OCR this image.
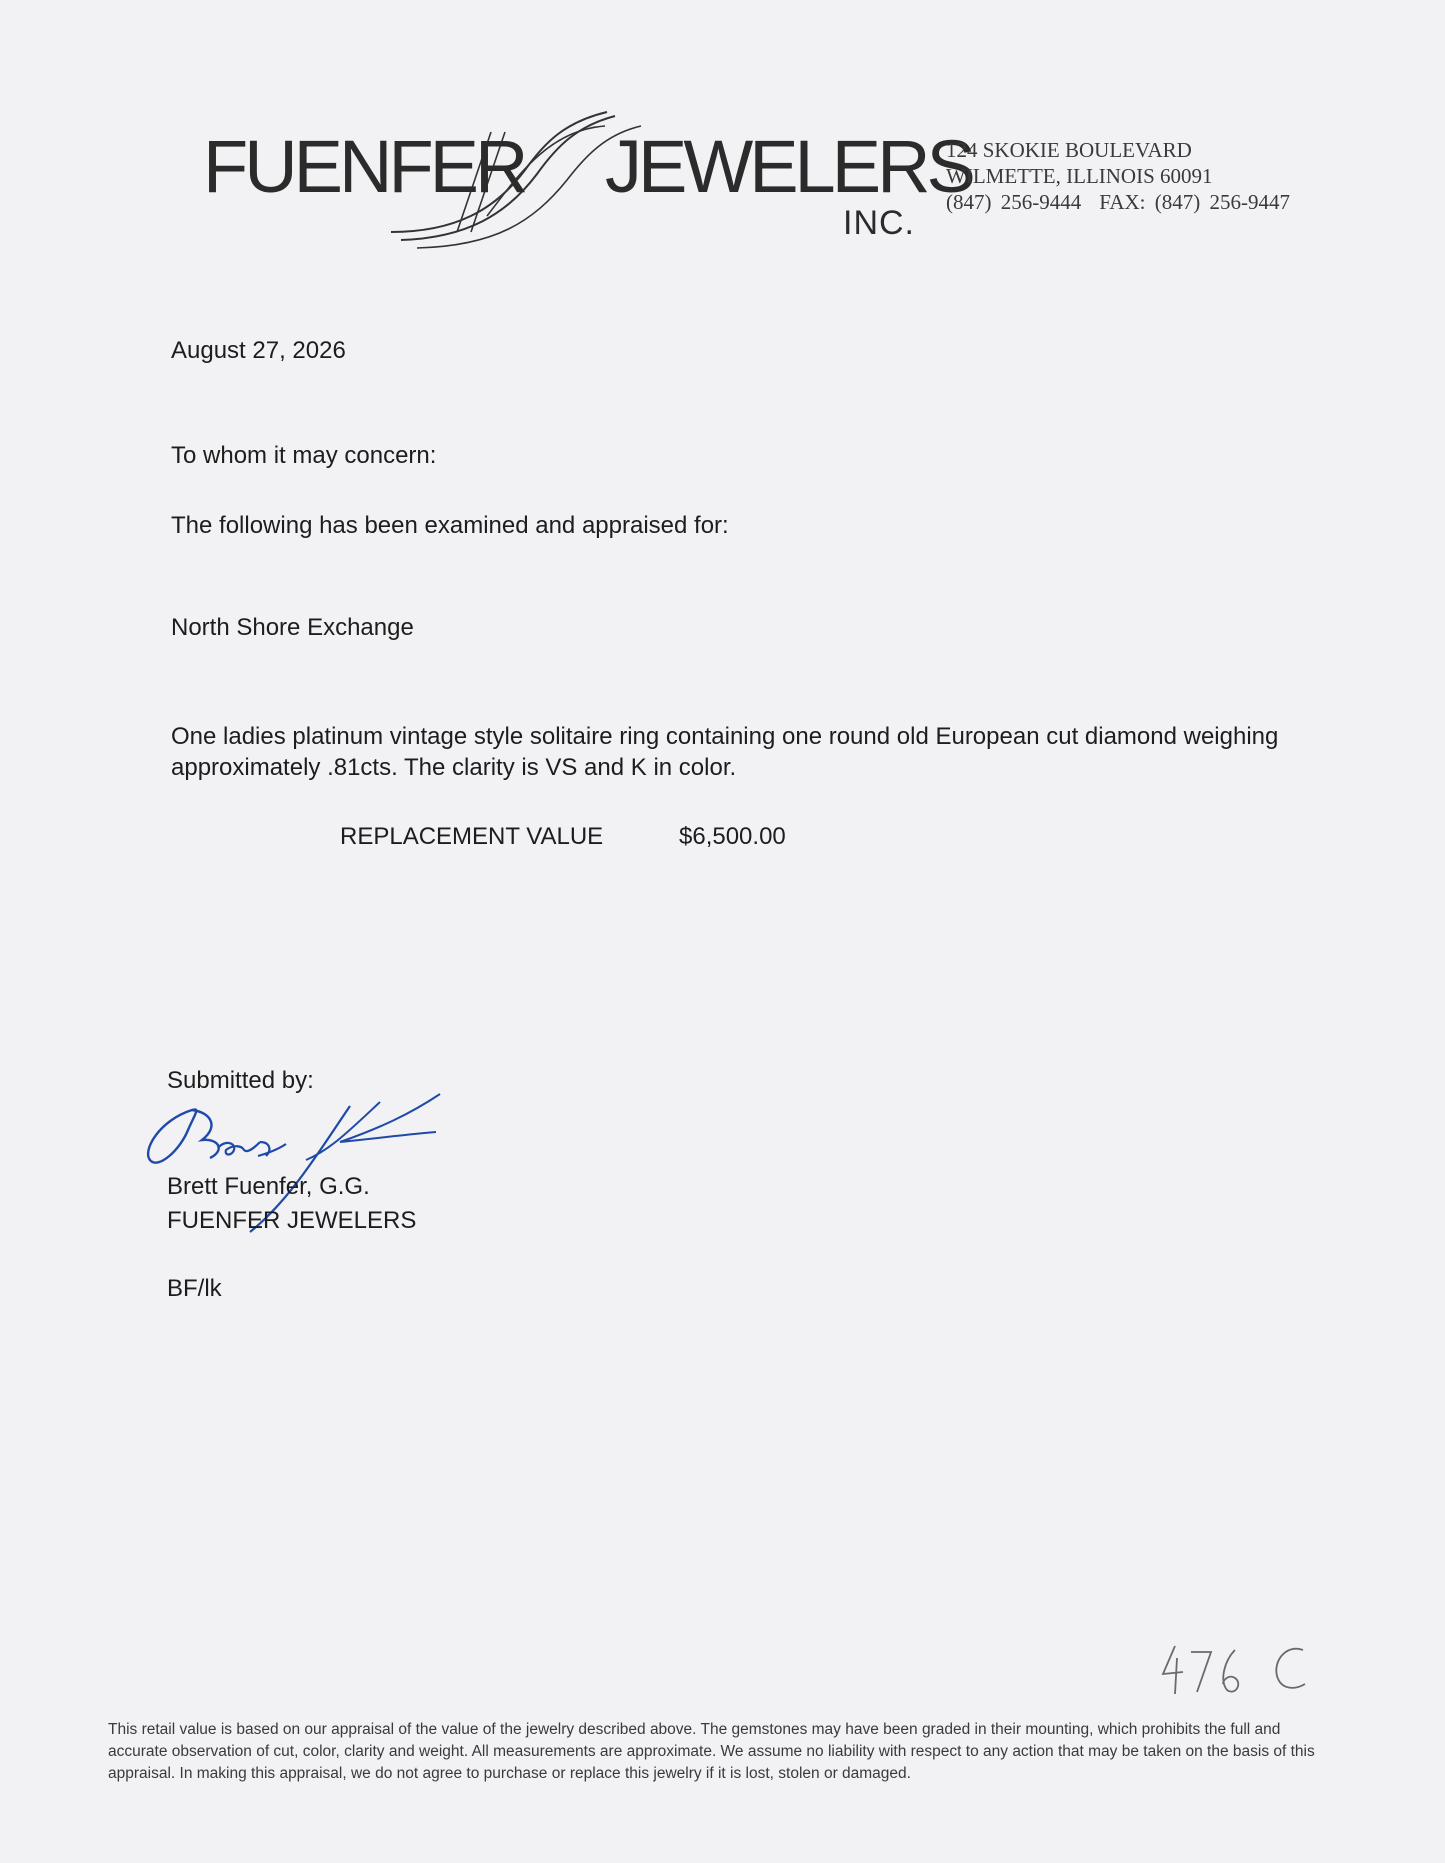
FUENFER JEWELERS
INC.
124 SKOKIE BOULEVARD
WILMETTE, ILLINOIS 60091
(847) 256-9444 FAX: (847) 256-9447
August 27, 2026
To whom it may concern:
The following has been examined and appraised for:
North Shore Exchange
One ladies platinum vintage style solitaire ring containing one round old European cut diamond weighing approximately .81cts. The clarity is VS and K in color.
REPLACEMENT VALUE	$6,500.00
Submitted by:
Brett Fuenfer, G.G.
FUENFER JEWELERS
BF/lk
This retail value is based on our appraisal of the value of the jewelry described above. The gemstones may have been graded in their mounting, which prohibits the full and accurate observation of cut, color, clarity and weight. All measurements are approximate. We assume no liability with respect to any action that may be taken on the basis of this appraisal. In making this appraisal, we do not agree to purchase or replace this jewelry if it is lost, stolen or damaged.
